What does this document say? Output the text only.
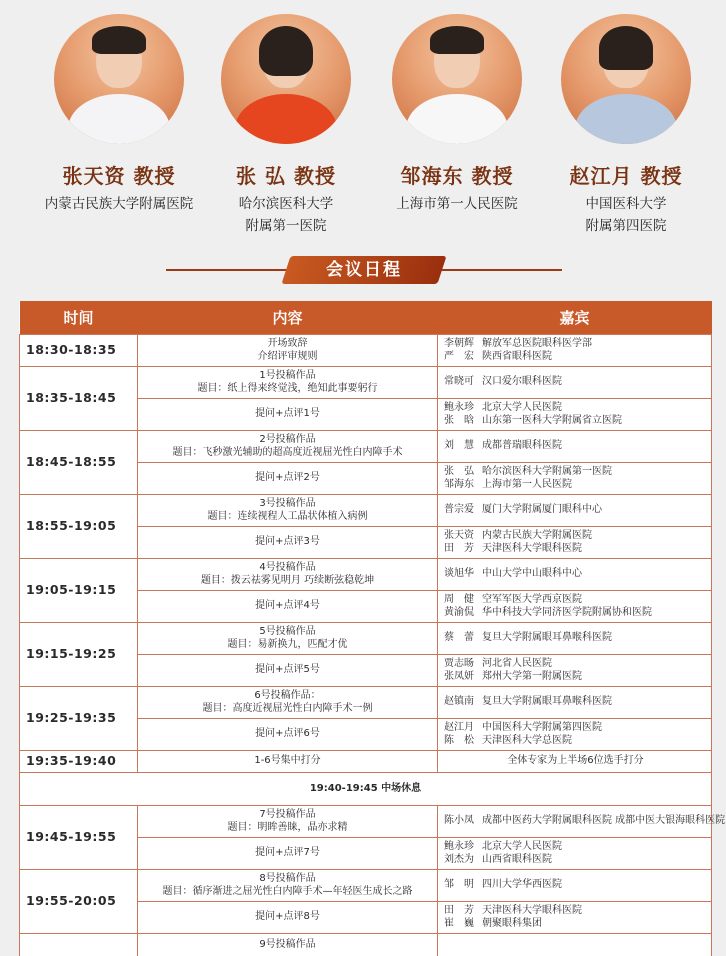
张天资 教授
内蒙古民族大学附属医院
张 弘 教授
哈尔滨医科大学
附属第一医院
邹海东 教授
上海市第一人民医院
赵江月 教授
中国医科大学
附属第四医院
会议日程
时间	内容	嘉宾
18:30-18:35	开场致辞
介绍评审规则	李朝辉 解放军总医院眼科医学部
严　宏 陕西省眼科医院

18:35-18:45	1号投稿作品
题目：纸上得来终觉浅，绝知此事要躬行	常晓可 汉口爱尔眼科医院

	提问+点评1号	鲍永珍 北京大学人民医院
张　晗 山东第一医科大学附属省立医院

18:45-18:55	2号投稿作品
题目：飞秒激光辅助的超高度近视屈光性白内障手术	刘　慧 成都普瑞眼科医院

	提问+点评2号	张　弘 哈尔滨医科大学附属第一医院
邹海东 上海市第一人民医院

18:55-19:05	3号投稿作品
题目：连续视程人工晶状体植入病例	普宗爱 厦门大学附属厦门眼科中心

	提问+点评3号	张天资 内蒙古民族大学附属医院
田　芳 天津医科大学眼科医院

19:05-19:15	4号投稿作品
题目：拨云祛雾见明月 巧续断弦稳乾坤	谈旭华 中山大学中山眼科中心

	提问+点评4号	周　健 空军军医大学西京医院
黄渝侃 华中科技大学同济医学院附属协和医院

19:15-19:25	5号投稿作品
题目：易新换九，匹配才优	蔡　蕾 复旦大学附属眼耳鼻喉科医院

	提问+点评5号	贾志旸 河北省人民医院
张凤妍 郑州大学第一附属医院

19:25-19:35	6号投稿作品：
题目：高度近视屈光性白内障手术一例	赵镇南 复旦大学附属眼耳鼻喉科医院

	提问+点评6号	赵江月 中国医科大学附属第四医院
陈　松 天津医科大学总医院

19:35-19:40	1-6号集中打分	全体专家为上半场6位选手打分
19:40-19:45 中场休息		
19:45-19:55	7号投稿作品
题目：明眸善睐，晶亦求精	陈小凤 成都中医药大学附属眼科医院 成都中医大银海眼科医院

	提问+点评7号	鲍永珍 北京大学人民医院
刘杰为 山西省眼科医院

19:55-20:05	8号投稿作品
题目：循序渐进之屈光性白内障手术—年轻医生成长之路	邹　明 四川大学华西医院

	提问+点评8号	田　芳 天津医科大学眼科医院
崔　巍 朝聚眼科集团

	9号投稿作品	
